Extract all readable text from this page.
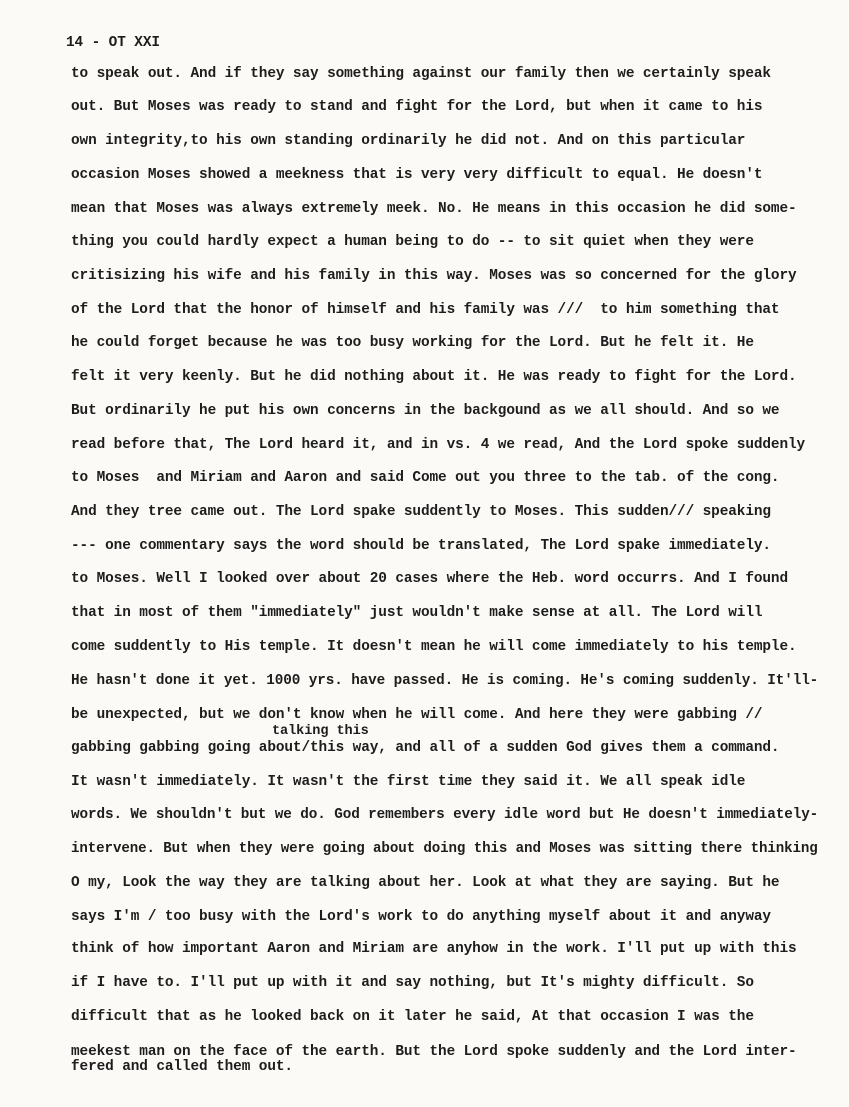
14 - OT XXI
to speak out. And if they say something against our family then we certainly speak
out. But Moses was ready to stand and fight for the Lord, but when it came to his
own integrity,to his own standing ordinarily he did not. And on this particular
occasion Moses showed a meekness that is very very difficult to equal. He doesn't
mean that Moses was always extremely meek. No. He means in this occasion he did some-
thing you could hardly expect a human being to do -- to sit quiet when they were
critisizing his wife and his family in this way. Moses was so concerned for the glory
of the Lord that the honor of himself and his family was ///  to him something that
he could forget because he was too busy working for the Lord. But he felt it. He
felt it very keenly. But he did nothing about it. He was ready to fight for the Lord.
But ordinarily he put his own concerns in the backgound as we all should. And so we
read before that, The Lord heard it, and in vs. 4 we read, And the Lord spoke suddenly
to Moses  and Miriam and Aaron and said Come out you three to the tab. of the cong.
And they tree came out. The Lord spake suddently to Moses. This sudden/// speaking
--- one commentary says the word should be translated, The Lord spake immediately.
to Moses. Well I looked over about 20 cases where the Heb. word occurrs. And I found
that in most of them "immediately" just wouldn't make sense at all. The Lord will
come suddently to His temple. It doesn't mean he will come immediately to his temple.
He hasn't done it yet. 1000 yrs. have passed. He is coming. He's coming suddenly. It'll-
be unexpected, but we don't know when he will come. And here they were gabbing //
talking this
gabbing gabbing going about/this way, and all of a sudden God gives them a command.
It wasn't immediately. It wasn't the first time they said it. We all speak idle
words. We shouldn't but we do. God remembers every idle word but He doesn't immediately-
intervene. But when they were going about doing this and Moses was sitting there thinking
O my, Look the way they are talking about her. Look at what they are saying. But he
says I'm / too busy with the Lord's work to do anything myself about it and anyway
think of how important Aaron and Miriam are anyhow in the work. I'll put up with this
if I have to. I'll put up with it and say nothing, but It's mighty difficult. So
difficult that as he looked back on it later he said, At that occasion I was the
meekest man on the face of the earth. But the Lord spoke suddenly and the Lord inter-
fered and called them out.
